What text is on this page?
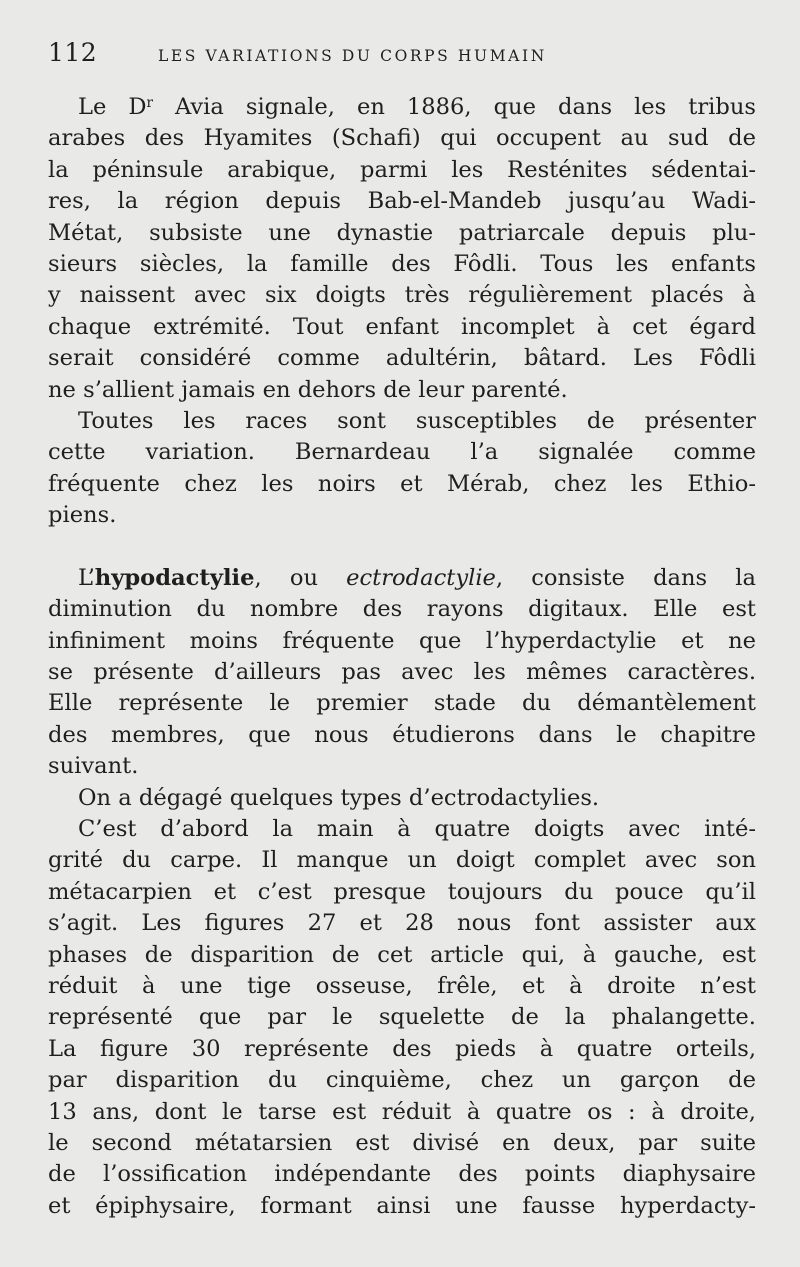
112	LES VARIATIONS DU CORPS HUMAIN

Le $D^r$ Avia signale, en 1886, que dans les tribus

arabes des Hyamites (Schafi) qui occupent au sud de
la péninsule arabique, parmi les Resténites sédentai-
res, la région depuis Bab-el-Mandeb jusqu’au Wadi-
Métat, subsiste une dynastie patriarcale depuis plu-
sieurs siècles, la famille des Fôdli. Tous les enfants
y naissent avec six doigts très régulièrement placés à
chaque extrémité. Tout enfant incomplet à cet égard
serait considéré comme adultérin, bâtard. Les Fôdli
ne s’allient jamais en dehors de leur parenté.

Toutes les races sont susceptibles de présenter

cette variation. Bernardeau l’a signalée comme
fréquente chez les noirs et Mérab, chez les Ethio-
piens.

L’hypodactylie, ou ectrodactylie, consiste dans la

diminution du nombre des rayons digitaux. Elle est
infiniment moins fréquente que l’hyperdactylie et ne
se présente d’ailleurs pas avec les mêmes caractères.
Elle représente le premier stade du démantèlement
des membres, que nous étudierons dans le chapitre
suivant.

On a dégagé quelques types d’ectrodactylies.

C’est d’abord la main à quatre doigts avec inté-

grité du carpe. Il manque un doigt complet avec son
métacarpien et c’est presque toujours du pouce qu’il
s’agit. Les figures 27 et 28 nous font assister aux
phases de disparition de cet article qui, à gauche, est
réduit à une tige osseuse, frêle, et à droite n’est
représenté que par le squelette de la phalangette.
La figure 30 représente des pieds à quatre orteils,
par disparition du cinquième, chez un garçon de
13 ans, dont le tarse est réduit à quatre os : à droite,
le second métatarsien est divisé en deux, par suite
de l’ossification indépendante des points diaphysaire
et épiphysaire, formant ainsi une fausse hyperdacty-
